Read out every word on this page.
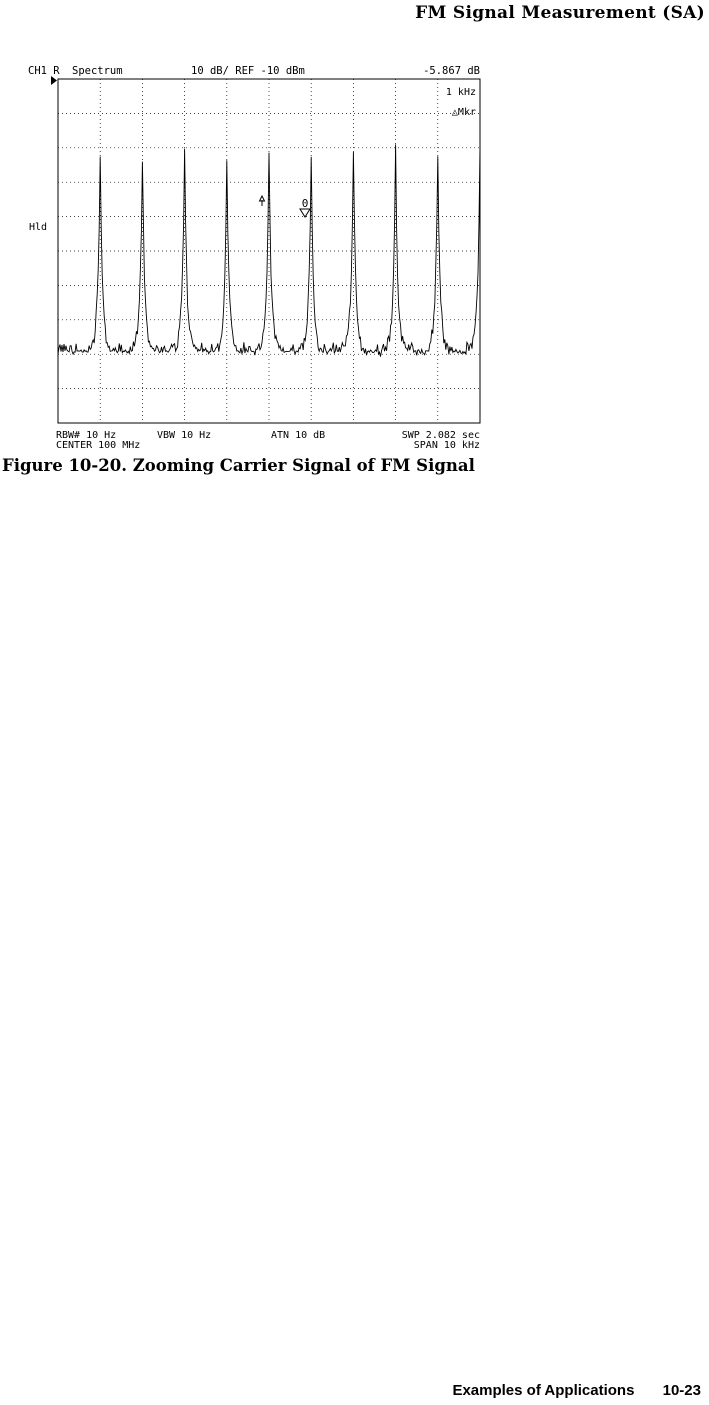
FM Signal Measurement (SA)
CH1 R Spectrum	10 dB/ REF -10 dBm	-5.867 dB
1 kHz
△Mkr
Hld
0
RBW# 10 Hz	VBW 10 Hz	ATN 10 dB	SWP 2.082 sec
CENTER 100 MHz	SPAN 10 kHz
Figure 10-20. Zooming Carrier Signal of FM Signal
Examples of Applications 10-23
